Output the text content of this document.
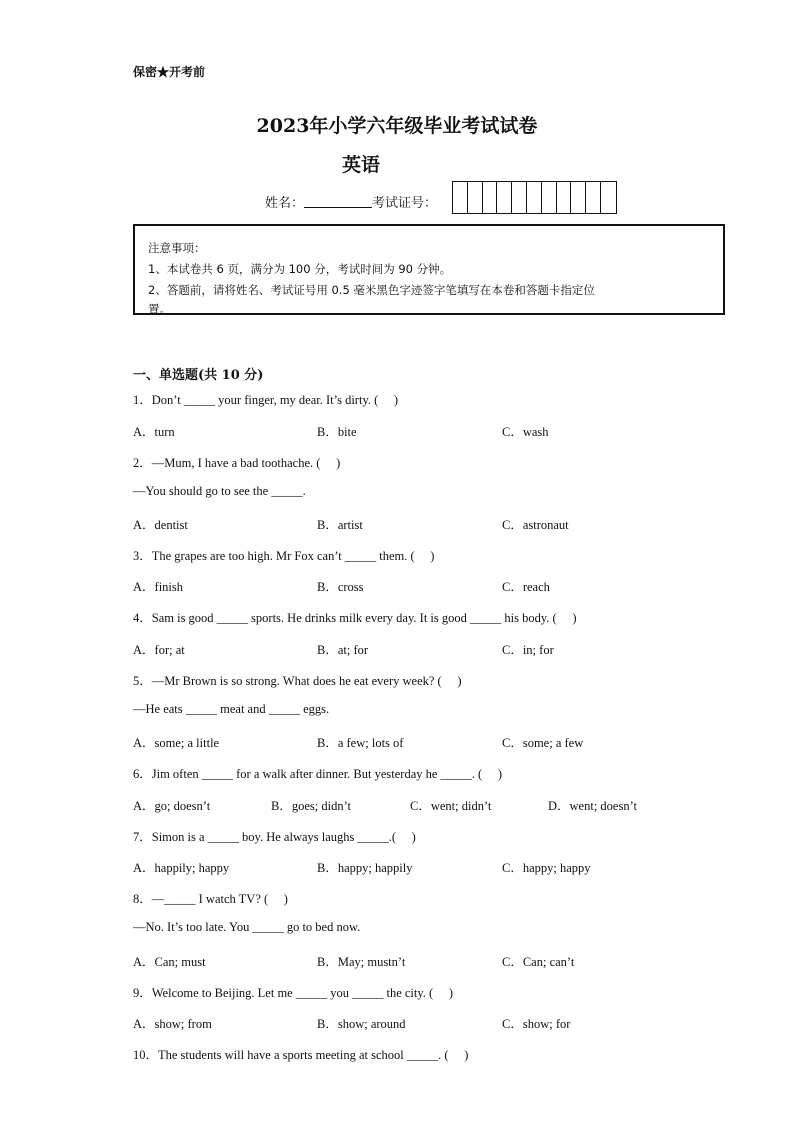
保密★开考前
2023年小学六年级毕业考试试卷
英语
姓名：	考试证号：
注意事项：
1、本试卷共 6 页，满分为 100 分，考试时间为 90 分钟。
2、答题前，请将姓名、考试证号用 0.5 毫米黑色字迹签字笔填写在本卷和答题卡指定位
置。
一、单选题(共 10 分)
1．Don’t _____ your finger, my dear. It’s dirty. (　 )
A．turn	B．bite	C．wash
2．—Mum, I have a bad toothache. (　 )
—You should go to see the _____.
A．dentist	B．artist	C．astronaut
3．The grapes are too high. Mr Fox can’t _____ them. (　 )
A．finish	B．cross	C．reach
4．Sam is good _____ sports. He drinks milk every day. It is good _____ his body. (　 )
A．for; at	B．at; for	C．in; for
5．—Mr Brown is so strong. What does he eat every week? (　 )
—He eats _____ meat and _____ eggs.
A．some; a little	B．a few; lots of	C．some; a few
6．Jim often _____ for a walk after dinner. But yesterday he _____. (　 )
A．go; doesn’t	B．goes; didn’t	C．went; didn’t	D．went; doesn’t
7．Simon is a _____ boy. He always laughs _____.(　 )
A．happily; happy	B．happy; happily	C．happy; happy
8．—_____ I watch TV? (　 )
—No. It’s too late. You _____ go to bed now.
A．Can; must	B．May; mustn’t	C．Can; can’t
9．Welcome to Beijing. Let me _____ you _____ the city. (　 )
A．show; from	B．show; around	C．show; for
10．The students will have a sports meeting at school _____. (　 )
